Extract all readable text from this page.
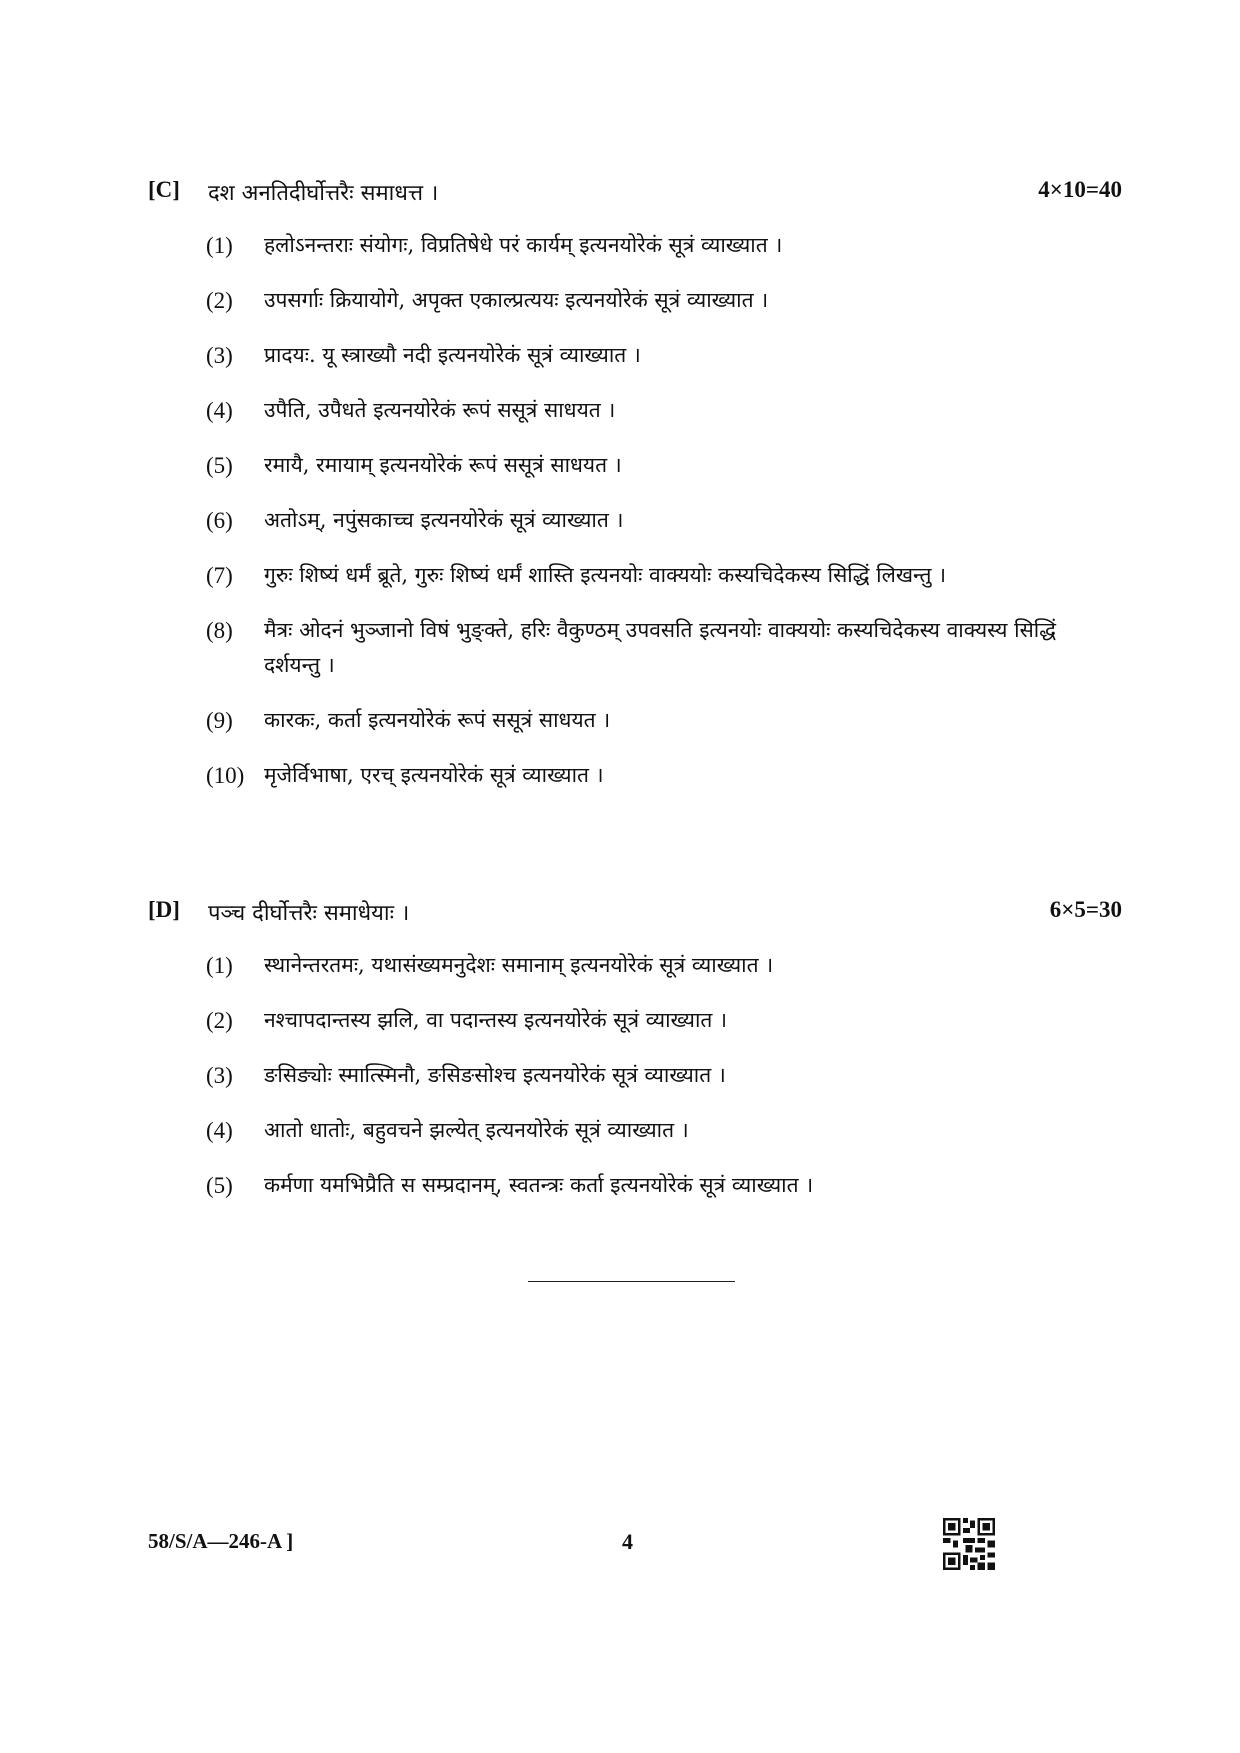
[C] दश अनतिदीर्घोत्तरैः समाधत्त ।	4×10=40
(1) हलोऽनन्तराः संयोगः, विप्रतिषेधे परं कार्यम् इत्यनयोरेकं सूत्रं व्याख्यात ।
(2) उपसर्गाः क्रियायोगे, अपृक्त एकाल्प्रत्ययः इत्यनयोरेकं सूत्रं व्याख्यात ।
(3) प्रादयः. यू स्त्राख्यौ नदी इत्यनयोरेकं सूत्रं व्याख्यात ।
(4) उपैति, उपैधते इत्यनयोरेकं रूपं ससूत्रं साधयत ।
(5) रमायै, रमायाम् इत्यनयोरेकं रूपं ससूत्रं साधयत ।
(6) अतोऽम्, नपुंसकाच्च इत्यनयोरेकं सूत्रं व्याख्यात ।
(7) गुरुः शिष्यं धर्मं ब्रूते, गुरुः शिष्यं धर्मं शास्ति इत्यनयोः वाक्ययोः कस्यचिदेकस्य सिद्धिं लिखन्तु ।
(8) मैत्रः ओदनं भुञ्जानो विषं भुङ्क्ते, हरिः वैकुण्ठम् उपवसति इत्यनयोः वाक्ययोः कस्यचिदेकस्य वाक्यस्य सिद्धिं दर्शयन्तु ।
(9) कारकः, कर्ता इत्यनयोरेकं रूपं ससूत्रं साधयत ।
(10) मृजेर्विभाषा, एरच् इत्यनयोरेकं सूत्रं व्याख्यात ।
[D] पञ्च दीर्घोत्तरैः समाधेयाः ।	6×5=30
(1) स्थानेन्तरतमः, यथासंख्यमनुदेशः समानाम् इत्यनयोरेकं सूत्रं व्याख्यात ।
(2) नश्चापदान्तस्य झलि, वा पदान्तस्य इत्यनयोरेकं सूत्रं व्याख्यात ।
(3) ङसिङ्योः स्मात्स्मिनौ, ङसिङसोश्च इत्यनयोरेकं सूत्रं व्याख्यात ।
(4) आतो धातोः, बहुवचने झल्येत् इत्यनयोरेकं सूत्रं व्याख्यात ।
(5) कर्मणा यमभिप्रैति स सम्प्रदानम्, स्वतन्त्रः कर्ता इत्यनयोरेकं सूत्रं व्याख्यात ।
58/S/A—246-A ]	4
